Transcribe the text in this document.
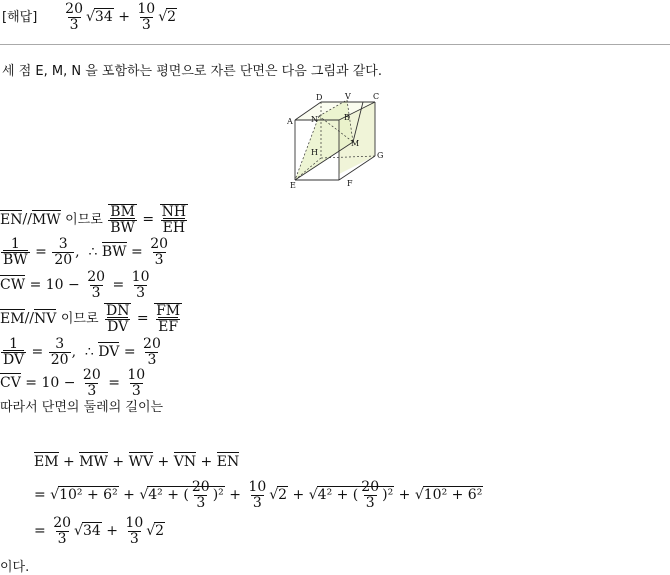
[해답] $\frac{20}{3} √34 + \frac{10}{3} √2$
세 점 E, M, N 을 포함하는 평면으로 자른 단면은 다음 그림과 같다.
D	V	C
A N	B
M
H	G
E	F
EN//MW 이므로 $\frac{BM}{BW} = \frac{NH}{EH}$
$\frac{1}{BW} = \frac{3}{20}$ , ∴ BW = $\frac{20}{3}$
CW = $10 - \frac{20}{3} = \frac{10}{3}$
EM//NV 이므로 $\frac{DN}{DV} = \frac{FM}{EF}$
$\frac{1}{DV} = \frac{3}{20}$ , ∴ DV = $\frac{20}{3}$
CV = $10 - \frac{20}{3} = \frac{10}{3}$
따라서 단면의 둘레의 길이는
EM + MW + WV + VN + EN
= √10² + 6² + √4² + ( $\frac{20}{3} )^2 + \frac{10}{3} √2 + √4^2$ + ( $\frac{20}{3} )^2 + √10^2 + 6^2$
= $\frac{20}{3} √34 + \frac{10}{3} √2$
이다.
